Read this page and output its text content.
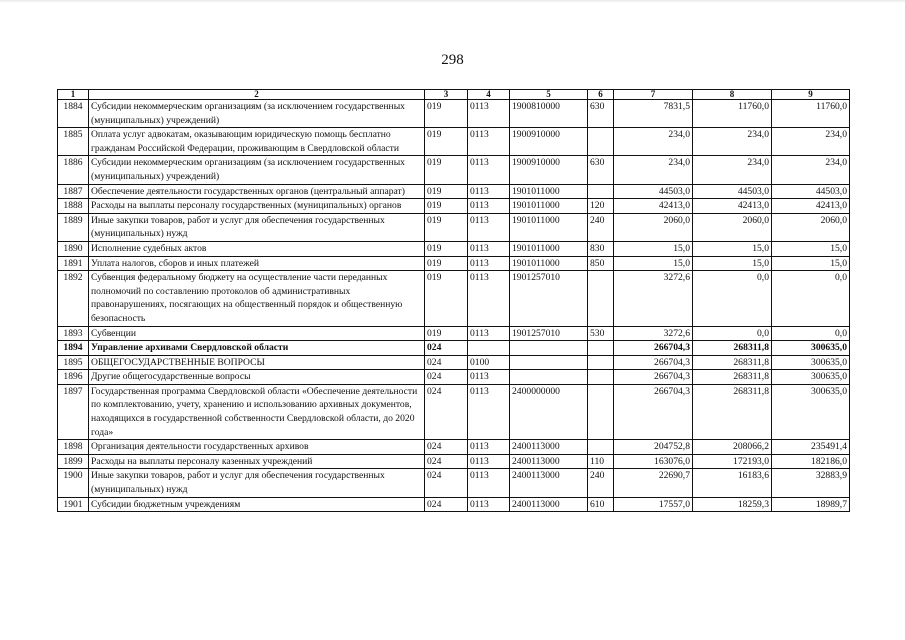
298
1	2	3	4	5	6	7	8	9
1884	Субсидии некоммерческим организациям (за исключением государственных (муниципальных) учреждений)	019	0113	1900810000	630	7831,5	11760,0	11760,0
1885	Оплата услуг адвокатам, оказывающим юридическую помощь бесплатно гражданам Российской Федерации, проживающим в Свердловской области	019	0113	1900910000		234,0	234,0	234,0
1886	Субсидии некоммерческим организациям (за исключением государственных (муниципальных) учреждений)	019	0113	1900910000	630	234,0	234,0	234,0
1887	Обеспечение деятельности государственных органов (центральный аппарат)	019	0113	1901011000		44503,0	44503,0	44503,0
1888	Расходы на выплаты персоналу государственных (муниципальных) органов	019	0113	1901011000	120	42413,0	42413,0	42413,0
1889	Иные закупки товаров, работ и услуг для обеспечения государственных (муниципальных) нужд	019	0113	1901011000	240	2060,0	2060,0	2060,0
1890	Исполнение судебных актов	019	0113	1901011000	830	15,0	15,0	15,0
1891	Уплата налогов, сборов и иных платежей	019	0113	1901011000	850	15,0	15,0	15,0
1892	Субвенция федеральному бюджету на осуществление части переданных полномочий по составлению протоколов об административных правонарушениях, посягающих на общественный порядок и общественную безопасность	019	0113	1901257010		3272,6	0,0	0,0
1893	Субвенции	019	0113	1901257010	530	3272,6	0,0	0,0
1894	Управление архивами Свердловской области	024				266704,3	268311,8	300635,0
1895	ОБЩЕГОСУДАРСТВЕННЫЕ ВОПРОСЫ	024	0100			266704,3	268311,8	300635,0
1896	Другие общегосударственные вопросы	024	0113			266704,3	268311,8	300635,0
1897	Государственная программа Свердловской области «Обеспечение деятельности по комплектованию, учету, хранению и использованию архивных документов, находящихся в государственной собственности Свердловской области, до 2020 года»	024	0113	2400000000		266704,3	268311,8	300635,0
1898	Организация деятельности государственных архивов	024	0113	2400113000		204752,8	208066,2	235491,4
1899	Расходы на выплаты персоналу казенных учреждений	024	0113	2400113000	110	163076,0	172193,0	182186,0
1900	Иные закупки товаров, работ и услуг для обеспечения государственных (муниципальных) нужд	024	0113	2400113000	240	22690,7	16183,6	32883,9
1901	Субсидии бюджетным учреждениям	024	0113	2400113000	610	17557,0	18259,3	18989,7
